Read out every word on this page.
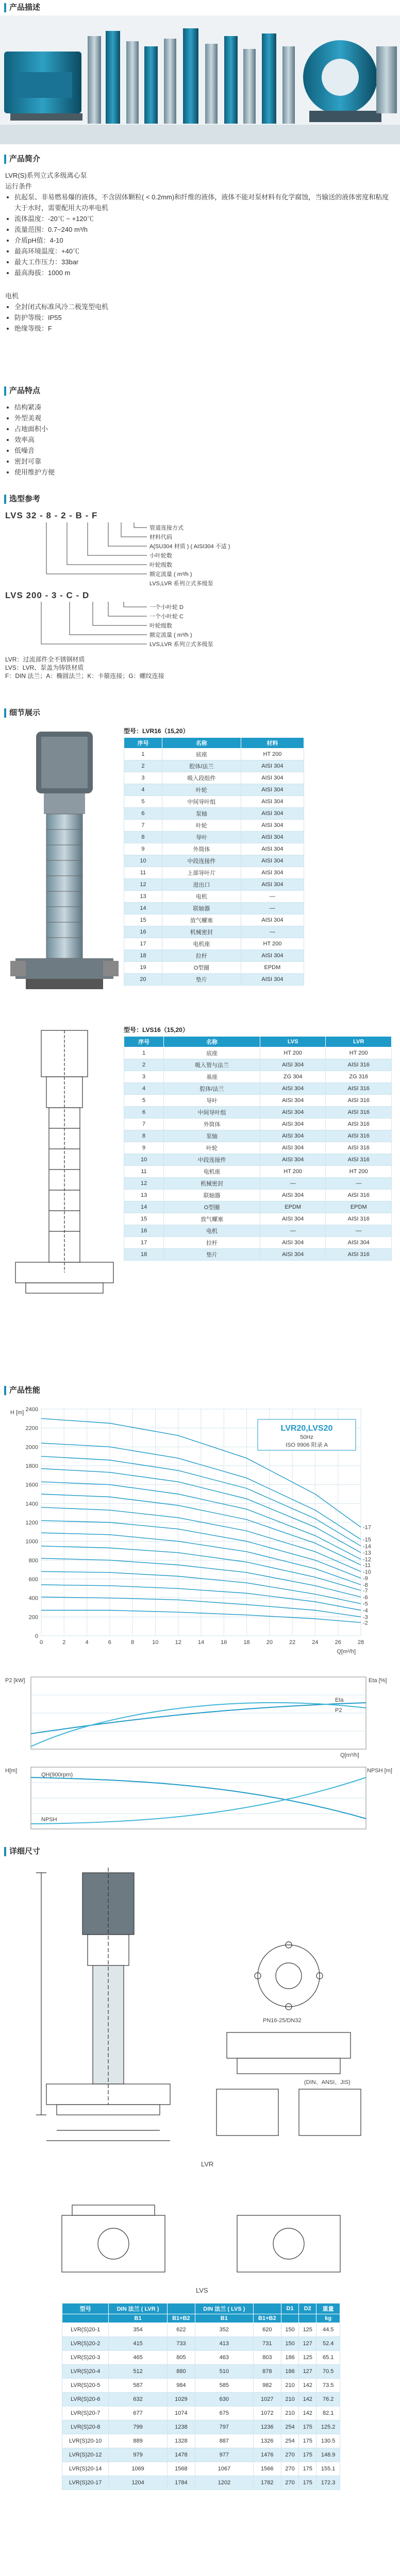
产品描述
产品简介
LVR(S)系列立式多级离心泵
运行条件
• 抗起泵、非易燃易爆的液体，不含固体颗粒( < 0.2mm)和纤维的液体，液体不能对泵材料有化学腐蚀，当输送的液体密度和粘度大于水时，需要配用大功率电机
• 流体温度：-20℃ ~ +120℃
• 流量范围：0.7~240 m³/h
• 介质pH值：4-10
• 最高环境温度：+40℃
• 最大工作压力：33bar
• 最高海拔：1000 m
电机
• 全封闭式标准风冷二极笼型电机
• 防护等级：IP55
• 绝缘等级：F
产品特点
• 结构紧凑
• 外型美观
• 占地面积小
• 效率高
• 低噪音
• 密封可靠
• 使用维护方便
选型参考
LVS 32 - 8 - 2 - B - F
管道连接方式
材料代码
A(SU304 材质 ) ( AISI304 不适 )
小叶轮数
叶轮级数
额定流量 ( m³/h )
LVS,LVR 系列立式多级泵
LVS 200 - 3 - C - D
一个小叶轮 D
一个小叶轮 C
叶轮级数
额定流量 ( m³/h )
LVS,LVR 系列立式多级泵
LVR：过流部件全不锈钢材质
LVS：LVR、泵盖为铸铁材质
F：DIN 法兰；A：椭圆法兰；K：卡箍连接；G：螺纹连接
细节展示
型号：LVR16（15,20）
序号	名称	材料
1	底座	HT 200
2	腔体/法兰	AISI 304
3	吸入段组件	AISI 304
4	叶轮	AISI 304
5	中间导叶组	AISI 304
6	泵轴	AISI 304
7	叶轮	AISI 304
8	导叶	AISI 304
9	外筒体	AISI 304
10	中段连接件	AISI 304
11	上部导叶片	AISI 304
12	进出口	AISI 304
13	电机	—
14	联轴器	—
15	放气螺塞	AISI 304
16	机械密封	—
17	电机座	HT 200
18	拉杆	AISI 304
19	O型圈	EPDM
20	垫片	AISI 304
型号：LVS16（15,20）
序号	名称	LVS	LVR
1	底座	HT 200	HT 200
2	吸入管与法兰	AISI 304	AISI 316
3	基座	ZG 304	ZG 316
4	腔体/法兰	AISI 304	AISI 316
5	导叶	AISI 304	AISI 316
6	中间导叶组	AISI 304	AISI 316
7	外筒体	AISI 304	AISI 316
8	泵轴	AISI 304	AISI 316
9	叶轮	AISI 304	AISI 316
10	中段连接件	AISI 304	AISI 316
11	电机座	HT 200	HT 200
12	机械密封	—	—
13	联轴器	AISI 304	AISI 316
14	O型圈	EPDM	EPDM
15	放气螺塞	AISI 304	AISI 316
16	电机	—	—
17	拉杆	AISI 304	AISI 304
18	垫片	AISI 304	AISI 316
产品性能
0
200
400
600
800
1000
1200
1400
1600
1800
2000
2200
2400
0	2	4	6	8	10	12	14	16	18	20	22	24	26	28
-17
-15
-14
-13
-12
-11
-10
-9
-8
-7
-6
-5
-4
-3
-2
H [m]
Q[m³/h]
LVR20,LVS20
50Hz
ISO 9906 附录 A
P2 [kW]	Eta [%]
Eta
P2
Q[m³/h]
H[m]	NPSH [m]
QH(900rpm)
NPSH
详细尺寸
PN16-25/DN32
(DIN、ANSI、JIS)
LVR
LVS
型号	DIN 法兰 ( LVR )		DIN 法兰 ( LVS )		D1	D2	重量
	B1	B1+B2	B1	B1+B2			kg
LVR(S)20-1	354	622	352	620	150	125	44.5
LVR(S)20-2	415	733	413	731	150	127	52.4
LVR(S)20-3	465	805	463	803	186	125	65.1
LVR(S)20-4	512	880	510	878	186	127	70.5
LVR(S)20-5	587	984	585	982	210	142	73.5
LVR(S)20-6	632	1029	630	1027	210	142	76.2
LVR(S)20-7	677	1074	675	1072	210	142	82.1
LVR(S)20-8	799	1238	797	1236	254	175	125.2
LVR(S)20-10	889	1328	887	1326	254	175	130.5
LVR(S)20-12	979	1478	977	1476	270	175	148.9
LVR(S)20-14	1069	1568	1067	1566	270	175	155.1
LVR(S)20-17	1204	1784	1202	1782	270	175	172.3
